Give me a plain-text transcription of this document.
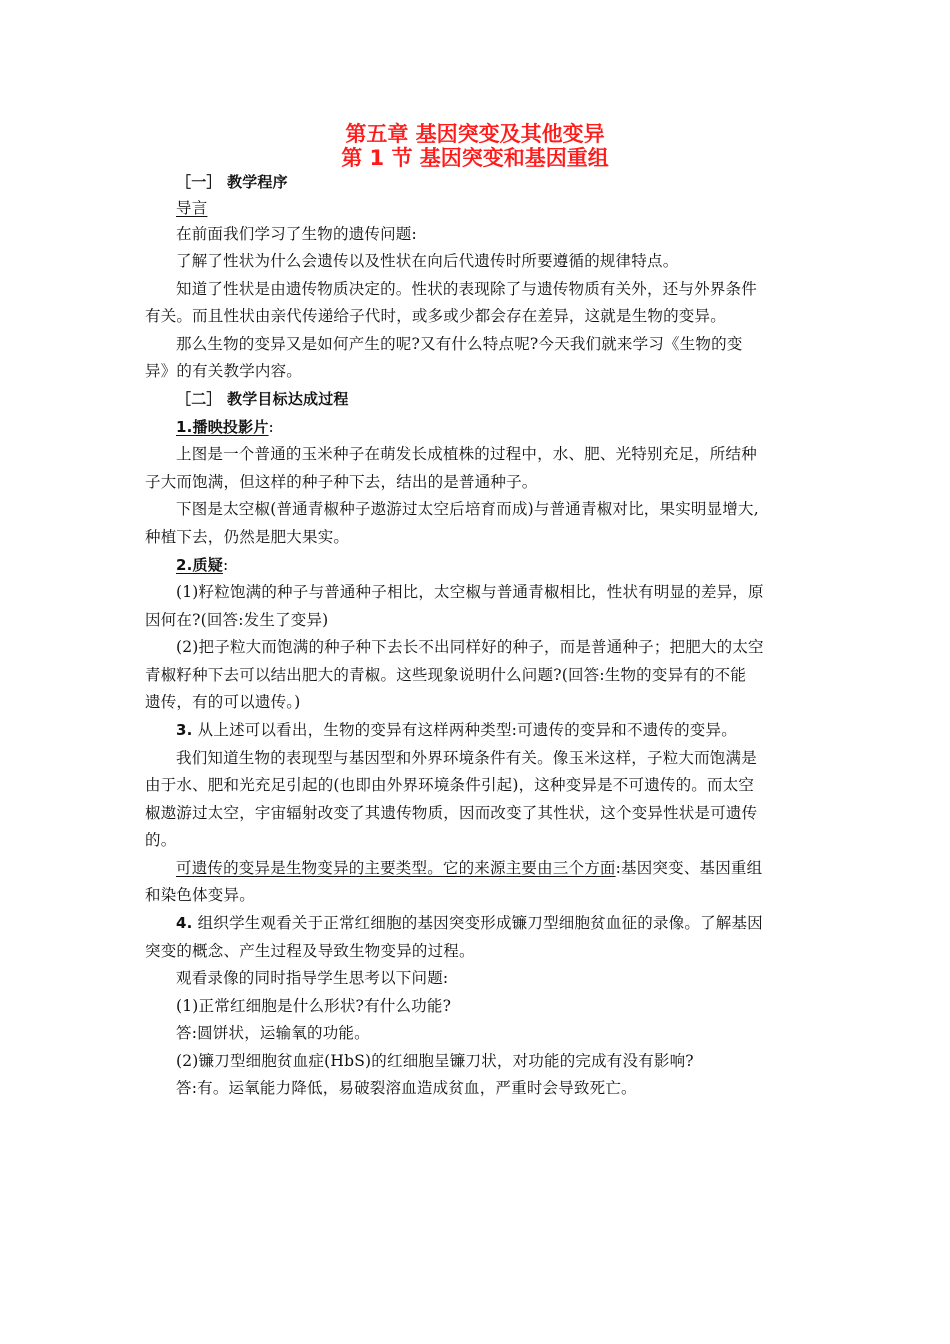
第五章 基因突变及其他变异
第 1 节 基因突变和基因重组
［一］ 教学程序
导言
在前面我们学习了生物的遗传问题:
了解了性状为什么会遗传以及性状在向后代遗传时所要遵循的规律特点。
知道了性状是由遗传物质决定的。性状的表现除了与遗传物质有关外，还与外界条件
有关。而且性状由亲代传递给子代时，或多或少都会存在差异，这就是生物的变异。
那么生物的变异又是如何产生的呢?又有什么特点呢?今天我们就来学习《生物的变
异》的有关教学内容。
［二］ 教学目标达成过程
1.播映投影片:
上图是一个普通的玉米种子在萌发长成植株的过程中，水、肥、光特别充足，所结种
子大而饱满，但这样的种子种下去，结出的是普通种子。
下图是太空椒(普通青椒种子遨游过太空后培育而成)与普通青椒对比，果实明显增大,
种植下去，仍然是肥大果实。
2.质疑:
(1)籽粒饱满的种子与普通种子相比，太空椒与普通青椒相比，性状有明显的差异，原
因何在?(回答:发生了变异)
(2)把子粒大而饱满的种子种下去长不出同样好的种子，而是普通种子；把肥大的太空
青椒籽种下去可以结出肥大的青椒。这些现象说明什么问题?(回答:生物的变异有的不能
遗传，有的可以遗传。)
3. 从上述可以看出，生物的变异有这样两种类型:可遗传的变异和不遗传的变异。
我们知道生物的表现型与基因型和外界环境条件有关。像玉米这样，子粒大而饱满是
由于水、肥和光充足引起的(也即由外界环境条件引起)，这种变异是不可遗传的。而太空
椒遨游过太空，宇宙辐射改变了其遗传物质，因而改变了其性状，这个变异性状是可遗传
的。
可遗传的变异是生物变异的主要类型。它的来源主要由三个方面:基因突变、基因重组
和染色体变异。
4. 组织学生观看关于正常红细胞的基因突变形成镰刀型细胞贫血征的录像。了解基因
突变的概念、产生过程及导致生物变异的过程。
观看录像的同时指导学生思考以下问题:
(1)正常红细胞是什么形状?有什么功能?
答:圆饼状，运输氧的功能。
(2)镰刀型细胞贫血症(HbS)的红细胞呈镰刀状，对功能的完成有没有影响?
答:有。运氧能力降低，易破裂溶血造成贫血，严重时会导致死亡。
